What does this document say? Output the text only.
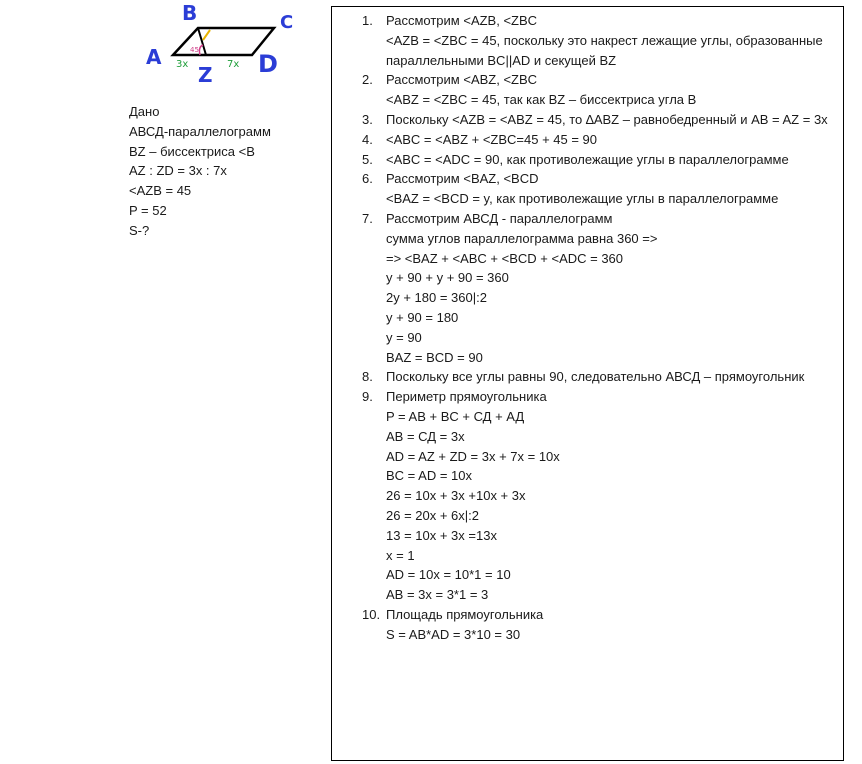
45
B	C
A	D
Z
3x	7x
Дано
АВСД-параллелограмм
BZ – биссектриса <B
AZ : ZD = 3x : 7x
<AZB = 45
P = 52
S-?
1.	Рассмотрим <AZB, <ZBC
<AZB = <ZBC = 45, поскольку это накрест лежащие углы, образованные параллельными BC||AD и секущей BZ
2.	Рассмотрим <ABZ, <ZBC
<ABZ = <ZBC = 45, так как BZ – биссектриса угла B
3.	Поскольку <AZB = <ABZ = 45, то ∆ABZ – равнобедренный и AB = AZ = 3x
4.	<ABC = <ABZ + <ZBC=45 + 45 = 90
5.	<ABC = <ADC = 90, как противолежащие углы в параллелограмме
6.	Рассмотрим <BAZ, <BCD
<BAZ = <BCD = y, как противолежащие углы в параллелограмме
7.	Рассмотрим АВСД - параллелограмм
сумма углов параллелограмма равна 360 =>
=> <BAZ + <ABC + <BCD + <ADC = 360
y + 90 + y + 90 = 360
2y + 180 = 360|:2
y + 90 = 180
y = 90
BAZ = BCD = 90
8.	Поскольку все углы равны 90, следовательно АВСД – прямоугольник
9.	Периметр прямоугольника
P = AB + BC + СД + АД
AB = СД = 3x
AD = AZ + ZD = 3x + 7x = 10x
BC = AD = 10x
26 = 10x + 3x +10x + 3x
26 = 20x + 6x|:2
13 = 10x + 3x =13x
x = 1
AD = 10x = 10*1 = 10
AB = 3x = 3*1 = 3
10. Площадь прямоугольника
S = AB*AD = 3*10 = 30
